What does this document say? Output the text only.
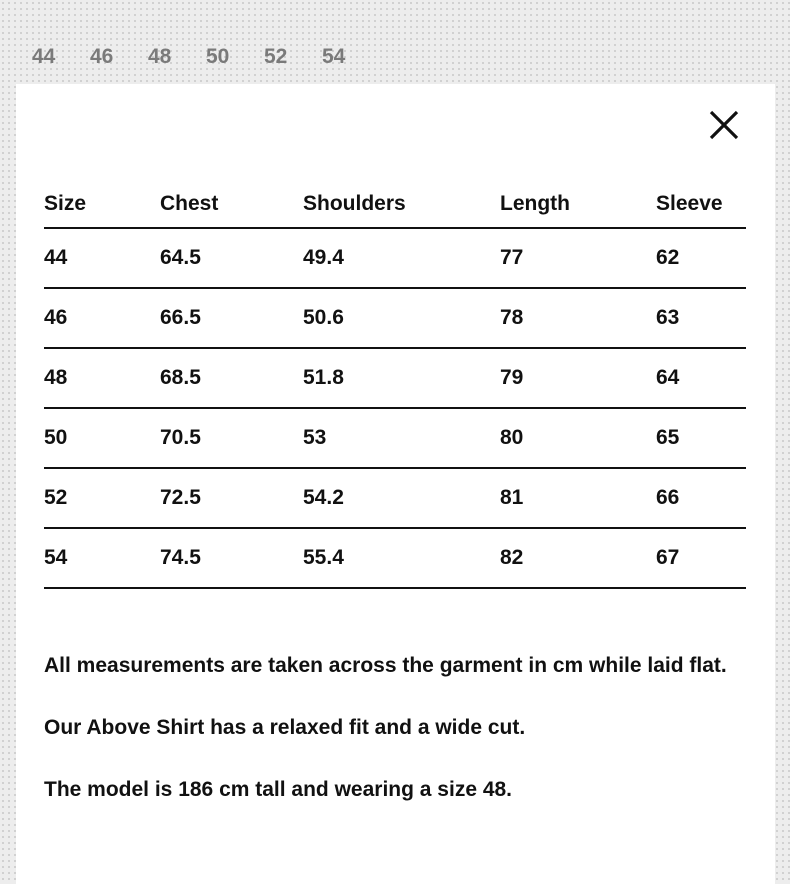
44	46	48	50	52	54
Size	Chest	Shoulders	Length	Sleeve
44	64.5	49.4	77	62
46	66.5	50.6	78	63
48	68.5	51.8	79	64
50	70.5	53	80	65
52	72.5	54.2	81	66
54	74.5	55.4	82	67

All measurements are taken across the garment in cm while laid flat.

Our Above Shirt has a relaxed fit and a wide cut.

The model is 186 cm tall and wearing a size 48.
